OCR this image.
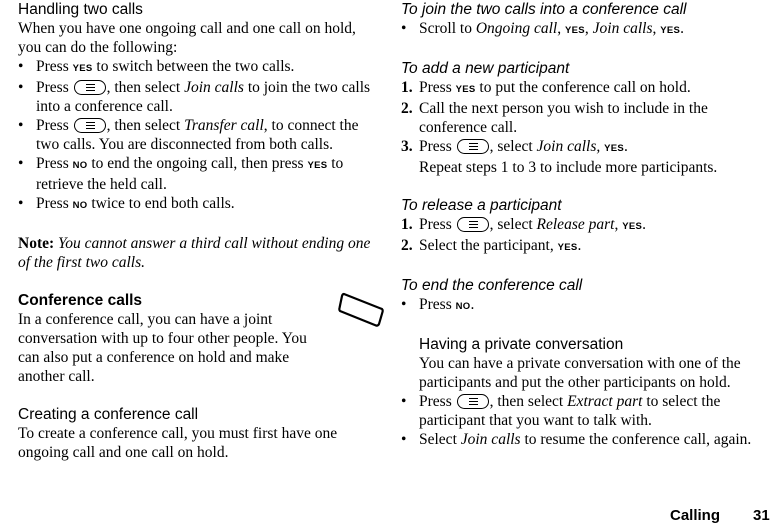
Handling two calls

When you have one ongoing call and one call on hold, you can do the following:

• Press YES to switch between the two calls.
• Press
, then select Join calls to join the two calls into a conference call.
• Press
, then select Transfer call, to connect the two calls. You are disconnected from both calls.
• Press NO to end the ongoing call, then press YES to retrieve the held call.
• Press NO twice to end both calls.

Note: You cannot answer a third call without ending one of the first two calls.

Conference calls

In a conference call, you can have a joint conversation with up to four other people. You can also put a conference on hold and make another call.

Creating a conference call

To create a conference call, you must first have one ongoing call and one call on hold.

To join the two calls into a conference call
• Scroll to Ongoing call, YES, Join calls, YES.
To add a new participant
1. Press YES to put the conference call on hold.
2. Call the next person you wish to include in the conference call.
3. Press
, select Join calls, YES.
Repeat steps 1 to 3 to include more participants.
To release a participant
1. Press
, select Release part, YES.
2. Select the participant, YES.
To end the conference call
• Press NO.
Having a private conversation

You can have a private conversation with one of the participants and put the other participants on hold.

• Press
, then select Extract part to select the participant that you want to talk with.
• Select Join calls to resume the conference call, again.
Calling 31
